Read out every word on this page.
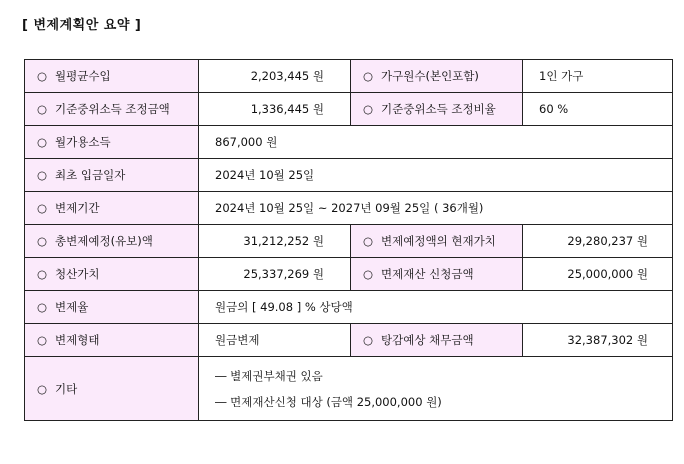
[ 변제계획안 요약 ]
○ 월평균수입	2,203,445 원	○ 가구원수(본인포함)	1인 가구
○ 기준중위소득 조정금액	1,336,445 원	○ 기준중위소득 조정비율	60 %
○ 월가용소득	867,000 원		
○ 최초 입금일자	2024년 10월 25일		
○ 변제기간	2024년 10월 25일 ~ 2027년 09월 25일 ( 36개월)		
○ 총변제예정(유보)액	31,212,252 원	○ 변제예정액의 현재가치	29,280,237 원
○ 청산가치	25,337,269 원	○ 면제재산 신청금액	25,000,000 원
○ 변제율	원금의 [ 49.08 ] % 상당액		
○ 변제형태	원금변제	○ 탕감예상 채무금액	32,387,302 원
○ 기타	― 별제권부채권 있음
― 면제재산신청 대상 (금액 25,000,000 원)		
